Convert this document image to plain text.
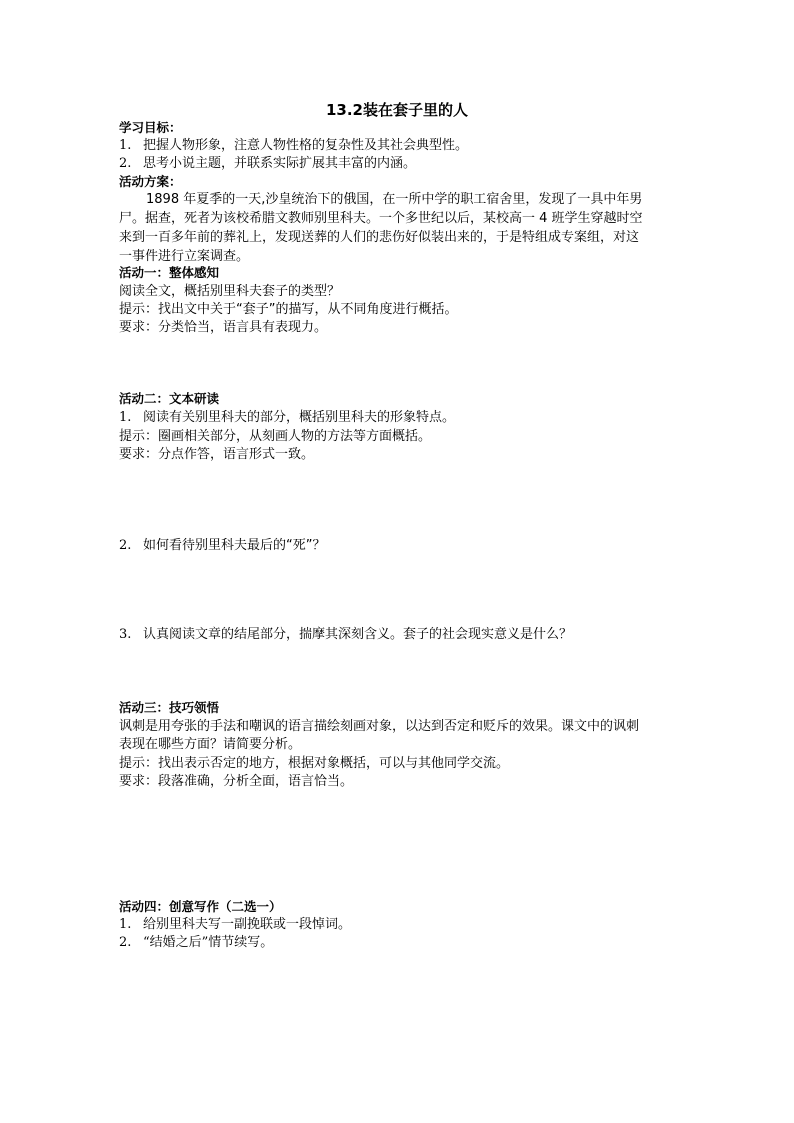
13.2装在套子里的人
学习目标：
1. 把握人物形象，注意人物性格的复杂性及其社会典型性。
2. 思考小说主题，并联系实际扩展其丰富的内涵。
活动方案：
1898 年夏季的一天,沙皇统治下的俄国，在一所中学的职工宿舍里，发现了一具中年男
尸。据查，死者为该校希腊文教师别里科夫。一个多世纪以后，某校高一 4 班学生穿越时空
来到一百多年前的葬礼上，发现送葬的人们的悲伤好似装出来的，于是特组成专案组，对这
一事件进行立案调查。
活动一：整体感知
阅读全文，概括别里科夫套子的类型？
提示：找出文中关于“套子”的描写，从不同角度进行概括。
要求：分类恰当，语言具有表现力。
活动二：文本研读
1. 阅读有关别里科夫的部分，概括别里科夫的形象特点。
提示：圈画相关部分，从刻画人物的方法等方面概括。
要求：分点作答，语言形式一致。
2. 如何看待别里科夫最后的“死”？
3. 认真阅读文章的结尾部分，揣摩其深刻含义。套子的社会现实意义是什么？
活动三：技巧领悟
讽刺是用夸张的手法和嘲讽的语言描绘刻画对象，以达到否定和贬斥的效果。课文中的讽刺
表现在哪些方面？请简要分析。
提示：找出表示否定的地方，根据对象概括，可以与其他同学交流。
要求：段落准确，分析全面，语言恰当。
活动四：创意写作（二选一）
1. 给别里科夫写一副挽联或一段悼词。
2. “结婚之后”情节续写。
